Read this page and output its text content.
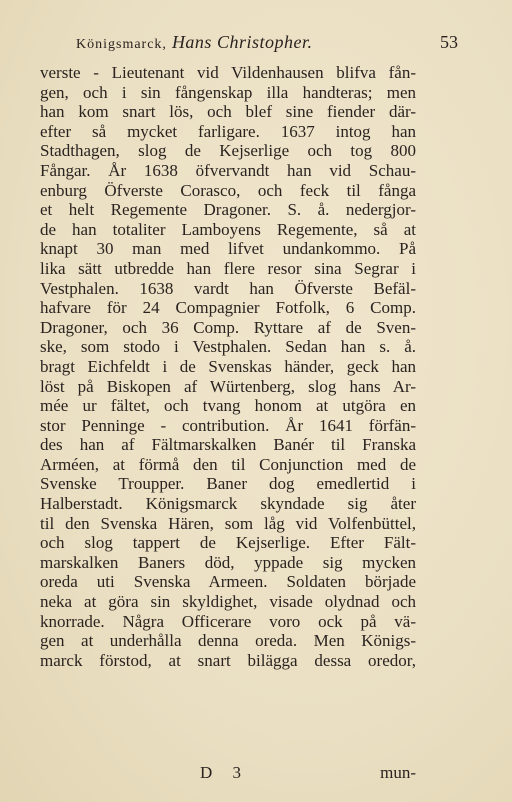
Königsmarck, Hans Christopher.	53
verste - Lieutenant vid Vildenhausen blifva fån-
gen, och i sin fångenskap illa handteras; men
han kom snart lös, och blef sine fiender där-
efter så mycket farligare. 1637 intog han
Stadthagen, slog de Kejserlige och tog 800
Fångar. År 1638 öfvervandt han vid Schau-
enburg Öfverste Corasco, och feck til fånga
et helt Regemente Dragoner. S. å. nedergjor-
de han totaliter Lamboyens Regemente, så at
knapt 30 man med lifvet undankommo. På
lika sätt utbredde han flere resor sina Segrar i
Vestphalen. 1638 vardt han Öfverste Befäl-
hafvare för 24 Compagnier Fotfolk, 6 Comp.
Dragoner, och 36 Comp. Ryttare af de Sven-
ske, som stodo i Vestphalen. Sedan han s. å.
bragt Eichfeldt i de Svenskas händer, geck han
löst på Biskopen af Würtenberg, slog hans Ar-
mée ur fältet, och tvang honom at utgöra en
stor Penninge - contribution. År 1641 förfän-
des han af Fältmarskalken Banér til Franska
Arméen, at förmå den til Conjunction med de
Svenske Troupper. Baner dog emedlertid i
Halberstadt. Königsmarck skyndade sig åter
til den Svenska Hären, som låg vid Volfenbüttel,
och slog tappert de Kejserlige. Efter Fält-
marskalken Baners död, yppade sig mycken
oreda uti Svenska Armeen. Soldaten började
neka at göra sin skyldighet, visade olydnad och
knorrade. Några Officerare voro ock på vä-
gen at underhålla denna oreda. Men Königs-
marck förstod, at snart bilägga dessa oredor,
D 3	mun-
